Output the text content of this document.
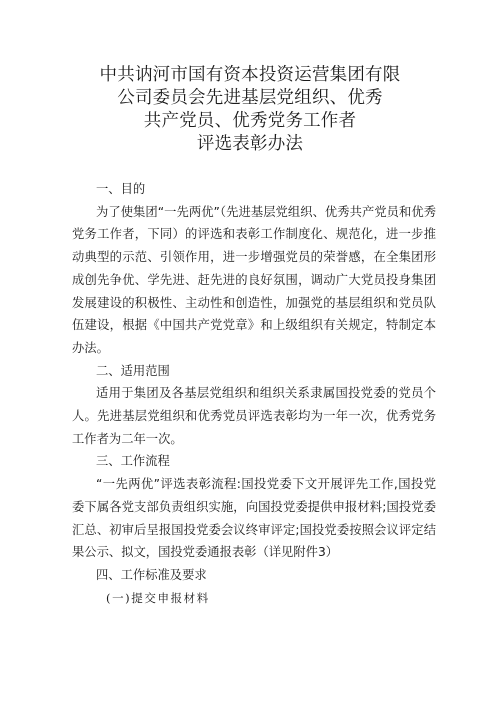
中共讷河市国有资本投资运营集团有限
公司委员会先进基层党组织、优秀
共产党员、优秀党务工作者
评选表彰办法
一、目的
为了使集团“一先两优”（先进基层党组织、优秀共产党员和优秀党务工作者，下同）的评选和表彰工作制度化、规范化，进一步推动典型的示范、引领作用，进一步增强党员的荣誉感，在全集团形成创先争优、学先进、赶先进的良好氛围，调动广大党员投身集团发展建设的积极性、主动性和创造性，加强党的基层组织和党员队伍建设，根据《中国共产党党章》和上级组织有关规定，特制定本办法。
二、适用范围
适用于集团及各基层党组织和组织关系隶属国投党委的党员个人。先进基层党组织和优秀党员评选表彰均为一年一次，优秀党务工作者为二年一次。
三、工作流程
“一先两优”评选表彰流程:国投党委下文开展评先工作,国投党委下属各党支部负责组织实施，向国投党委提供申报材料;国投党委汇总、初审后呈报国投党委会议终审评定;国投党委按照会议评定结果公示、拟文，国投党委通报表彰（详见附件3）
四、工作标准及要求
(一)提交申报材料
